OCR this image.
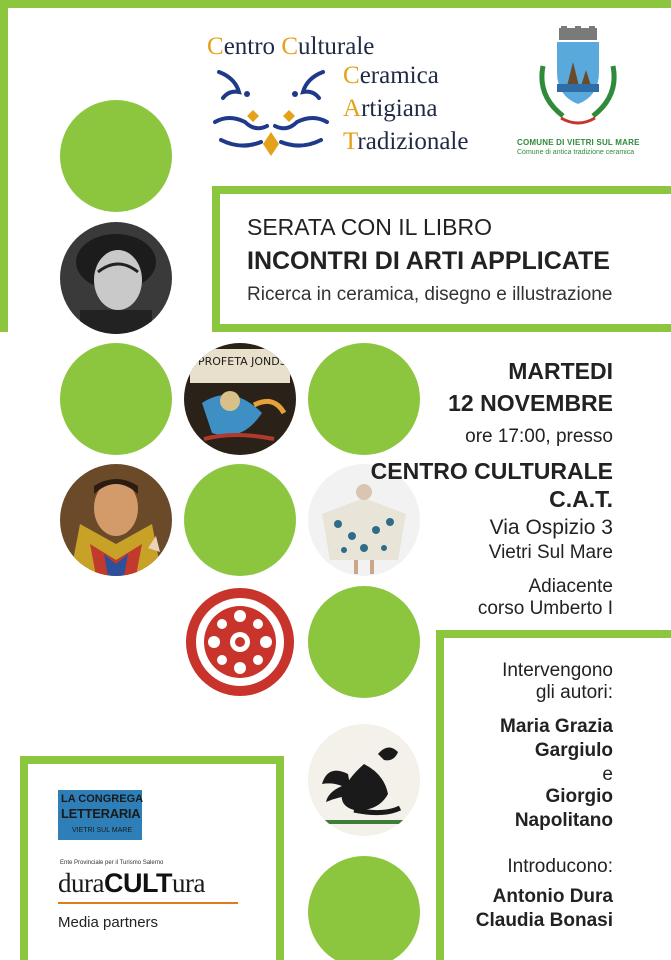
PROFETA JONDS
Centro Culturale
Ceramica
Artigiana
Tradizionale	COMUNE DI VIETRI SUL MARE
Comune di antica tradizione ceramica
SERATA CON IL LIBRO
INCONTRI DI ARTI APPLICATE
Ricerca in ceramica, disegno e illustrazione
MARTEDI
12 NOVEMBRE
ore 17:00, presso
CENTRO CULTURALE
C.A.T.
Via Ospizio 3
Vietri Sul Mare
Adiacente
corso Umberto I
Intervengono
gli autori:
Maria Grazia
Gargiulo
e
Giorgio
Napolitano
Introducono:
Antonio Dura
Claudia Bonasi
LA CONGREGA
LETTERARIA
VIETRI SUL MARE
Ente Provinciale per il Turismo Salerno
duraCULTura
Media partners
